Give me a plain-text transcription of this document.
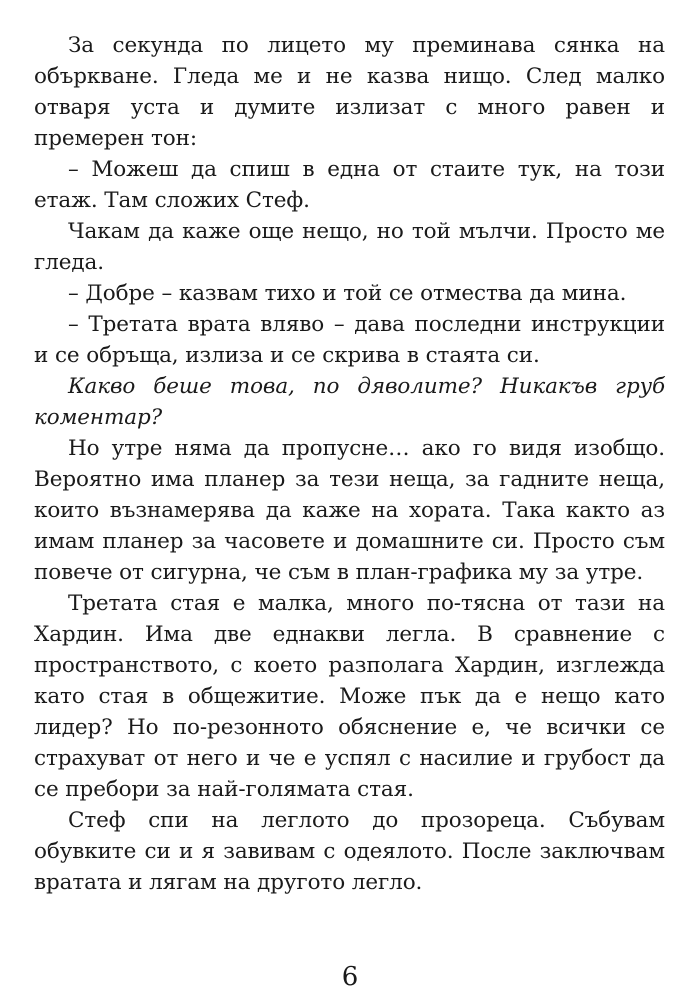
За секунда по лицето му преминава сянка на объркване. Гледа ме и не казва нищо. След малко отваря уста и думите излизат с много равен и премерен тон:

– Можеш да спиш в една от стаите тук, на този етаж. Там сложих Стеф.

Чакам да каже още нещо, но той мълчи. Просто ме гледа.

– Добре – казвам тихо и той се отмества да мина.

– Третата врата вляво – дава последни инструкции и се обръща, излиза и се скрива в стаята си.

Какво беше това, по дяволите? Никакъв груб коментар?

Но утре няма да пропусне… ако го видя изобщо. Вероятно има планер за тези неща, за гадните неща, които възнамерява да каже на хората. Така както аз имам планер за часовете и домашните си. Просто съм повече от сигурна, че съм в план-графика му за утре.

Третата стая е малка, много по-тясна от тази на Хардин. Има две еднакви легла. В сравнение с пространството, с което разполага Хардин, изглежда като стая в общежитие. Може пък да е нещо като лидер? Но по-резонното обяснение е, че всички се страхуват от него и че е успял с насилие и грубост да се пребори за най-голямата стая.

Стеф спи на леглото до прозореца. Събувам обувките си и я завивам с одеялото. После заключвам вратата и лягам на другото легло.

6
